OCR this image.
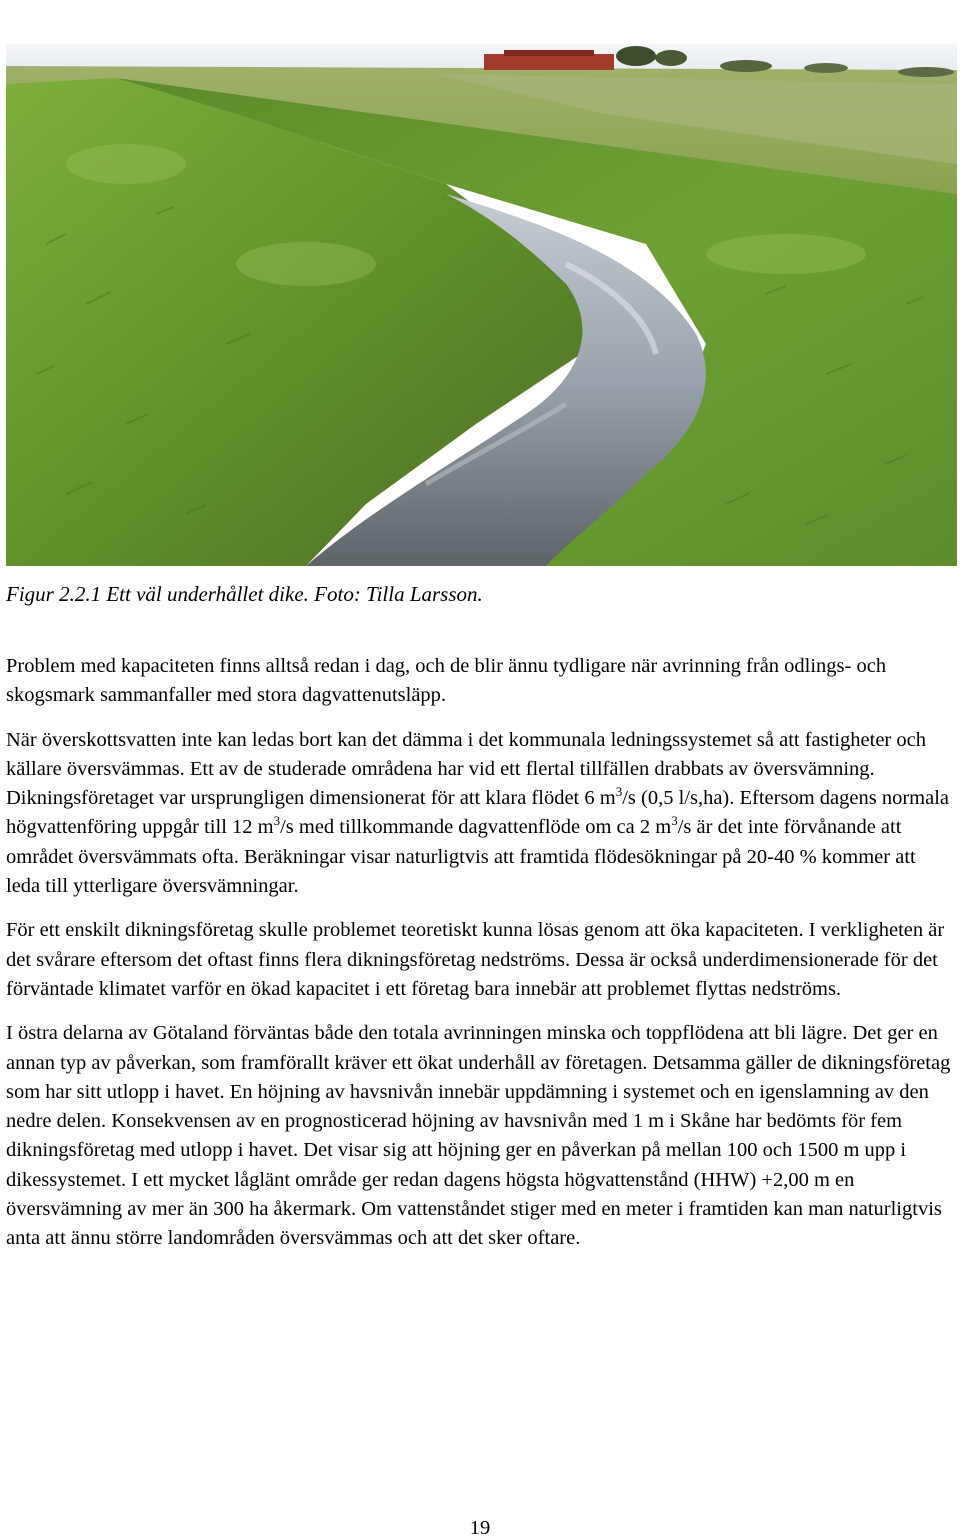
Figur 2.2.1 Ett väl underhållet dike. Foto: Tilla Larsson.

Problem med kapaciteten finns alltså redan i dag, och de blir ännu tydligare när avrinning från odlings- och skogsmark sammanfaller med stora dagvattenutsläpp.

När överskottsvatten inte kan ledas bort kan det dämma i det kommunala ledningssystemet så att fastigheter och källare översvämmas. Ett av de studerade områdena har vid ett flertal tillfällen drabbats av översvämning. Dikningsföretaget var ursprungligen dimensionerat för att klara flödet 6 $m^3/s$ (0,5 l/s,ha). Eftersom dagens normala högvattenföring uppgår till 12 $m^3/s$ med tillkommande dagvattenflöde om ca 2 $m^3/s$ är det inte förvånande att området översvämmats ofta. Beräkningar visar naturligtvis att framtida flödesökningar på 20-40 % kommer att leda till ytterligare översvämningar.

För ett enskilt dikningsföretag skulle problemet teoretiskt kunna lösas genom att öka kapaciteten. I verkligheten är det svårare eftersom det oftast finns flera dikningsföretag nedströms. Dessa är också underdimensionerade för det förväntade klimatet varför en ökad kapacitet i ett företag bara innebär att problemet flyttas nedströms.

I östra delarna av Götaland förväntas både den totala avrinningen minska och toppflödena att bli lägre. Det ger en annan typ av påverkan, som framförallt kräver ett ökat underhåll av företagen. Detsamma gäller de dikningsföretag som har sitt utlopp i havet. En höjning av havsnivån innebär uppdämning i systemet och en igenslamning av den nedre delen. Konsekvensen av en prognosticerad höjning av havsnivån med 1 m i Skåne har bedömts för fem dikningsföretag med utlopp i havet. Det visar sig att höjning ger en påverkan på mellan 100 och 1500 m upp i dikessystemet. I ett mycket låglänt område ger redan dagens högsta högvattenstånd (HHW) +2,00 m en översvämning av mer än 300 ha åkermark. Om vattenståndet stiger med en meter i framtiden kan man naturligtvis anta att ännu större landområden översvämmas och att det sker oftare.

19
